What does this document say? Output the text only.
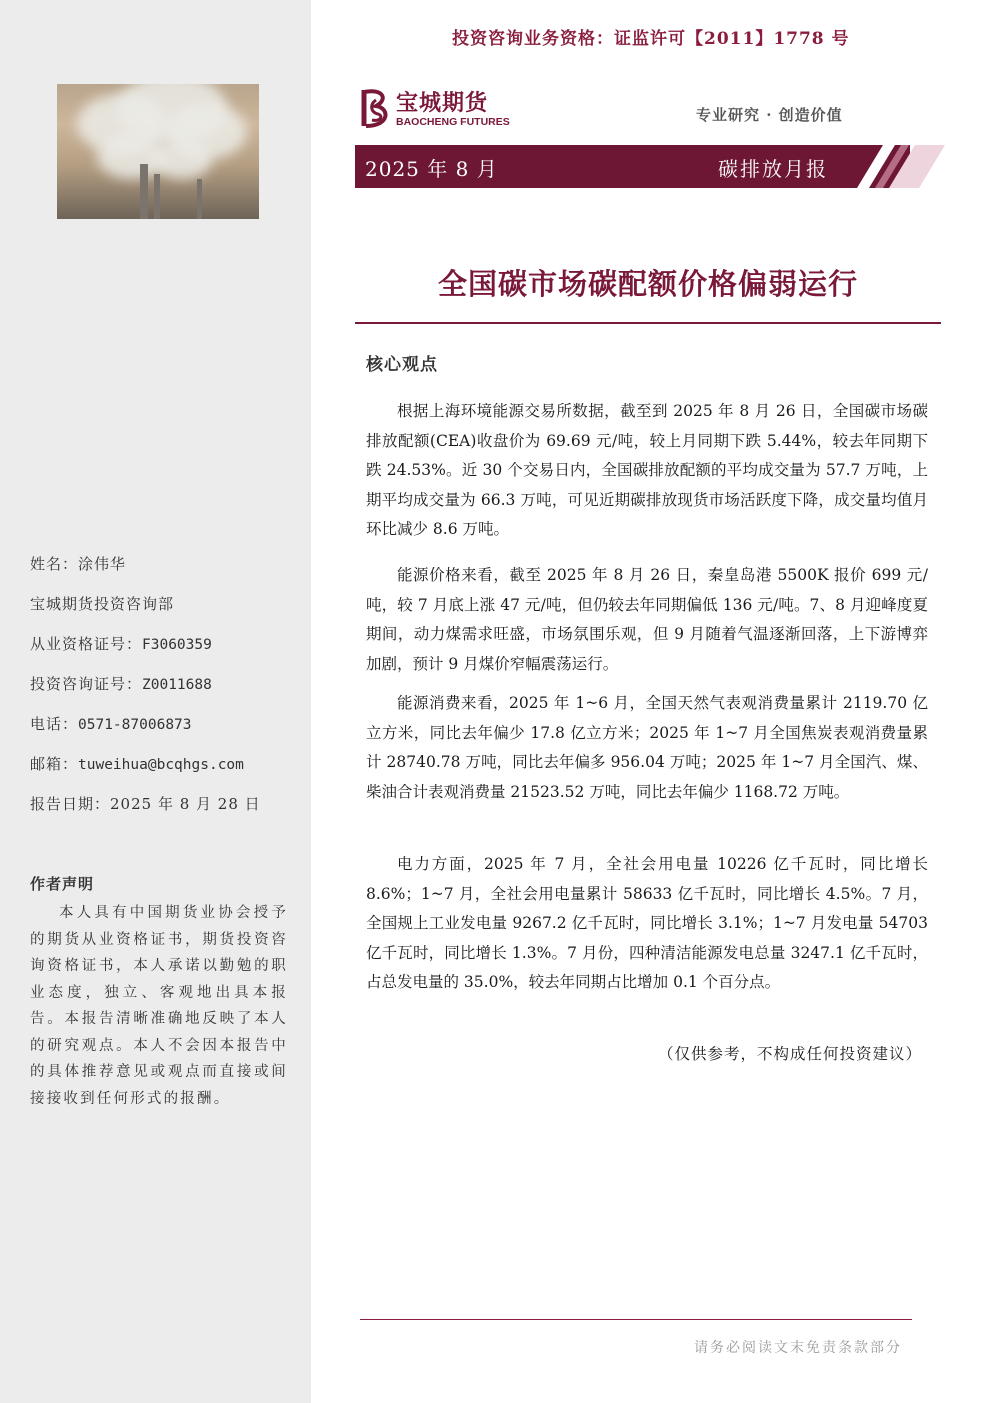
姓名：涂伟华
宝城期货投资咨询部
从业资格证号：F3060359
投资咨询证号：Z0011688
电话：0571-87006873
邮箱：tuweihua@bcqhgs.com
报告日期：2025 年 8 月 28 日
作者声明
本人具有中国期货业协会授予的期货从业资格证书，期货投资咨询资格证书，本人承诺以勤勉的职业态度，独立、客观地出具本报告。本报告清晰准确地反映了本人的研究观点。本人不会因本报告中的具体推荐意见或观点而直接或间接接收到任何形式的报酬。
投资咨询业务资格：证监许可【2011】1778 号
宝城期货
BAOCHENG FUTURES	专业研究 · 创造价值
2025 年 8 月	碳排放月报
全国碳市场碳配额价格偏弱运行
核心观点
根据上海环境能源交易所数据，截至到 2025 年 8 月 26 日，全国碳市场碳排放配额(CEA)收盘价为 69.69 元/吨，较上月同期下跌 5.44%，较去年同期下跌 24.53%。近 30 个交易日内，全国碳排放配额的平均成交量为 57.7 万吨，上期平均成交量为 66.3 万吨，可见近期碳排放现货市场活跃度下降，成交量均值月环比减少 8.6 万吨。
能源价格来看，截至 2025 年 8 月 26 日，秦皇岛港 5500K 报价 699 元/吨，较 7 月底上涨 47 元/吨，但仍较去年同期偏低 136 元/吨。7、8 月迎峰度夏期间，动力煤需求旺盛，市场氛围乐观，但 9 月随着气温逐渐回落，上下游博弈加剧，预计 9 月煤价窄幅震荡运行。
能源消费来看，2025 年 1~6 月，全国天然气表观消费量累计 2119.70 亿立方米，同比去年偏少 17.8 亿立方米；2025 年 1~7 月全国焦炭表观消费量累计 28740.78 万吨，同比去年偏多 956.04 万吨；2025 年 1~7 月全国汽、煤、柴油合计表观消费量 21523.52 万吨，同比去年偏少 1168.72 万吨。
电力方面，2025 年 7 月，全社会用电量 10226 亿千瓦时，同比增长 8.6%；1~7 月，全社会用电量累计 58633 亿千瓦时，同比增长 4.5%。7 月，全国规上工业发电量 9267.2 亿千瓦时，同比增长 3.1%；1~7 月发电量 54703 亿千瓦时，同比增长 1.3%。7 月份，四种清洁能源发电总量 3247.1 亿千瓦时，占总发电量的 35.0%，较去年同期占比增加 0.1 个百分点。
（仅供参考，不构成任何投资建议）
请务必阅读文末免责条款部分
